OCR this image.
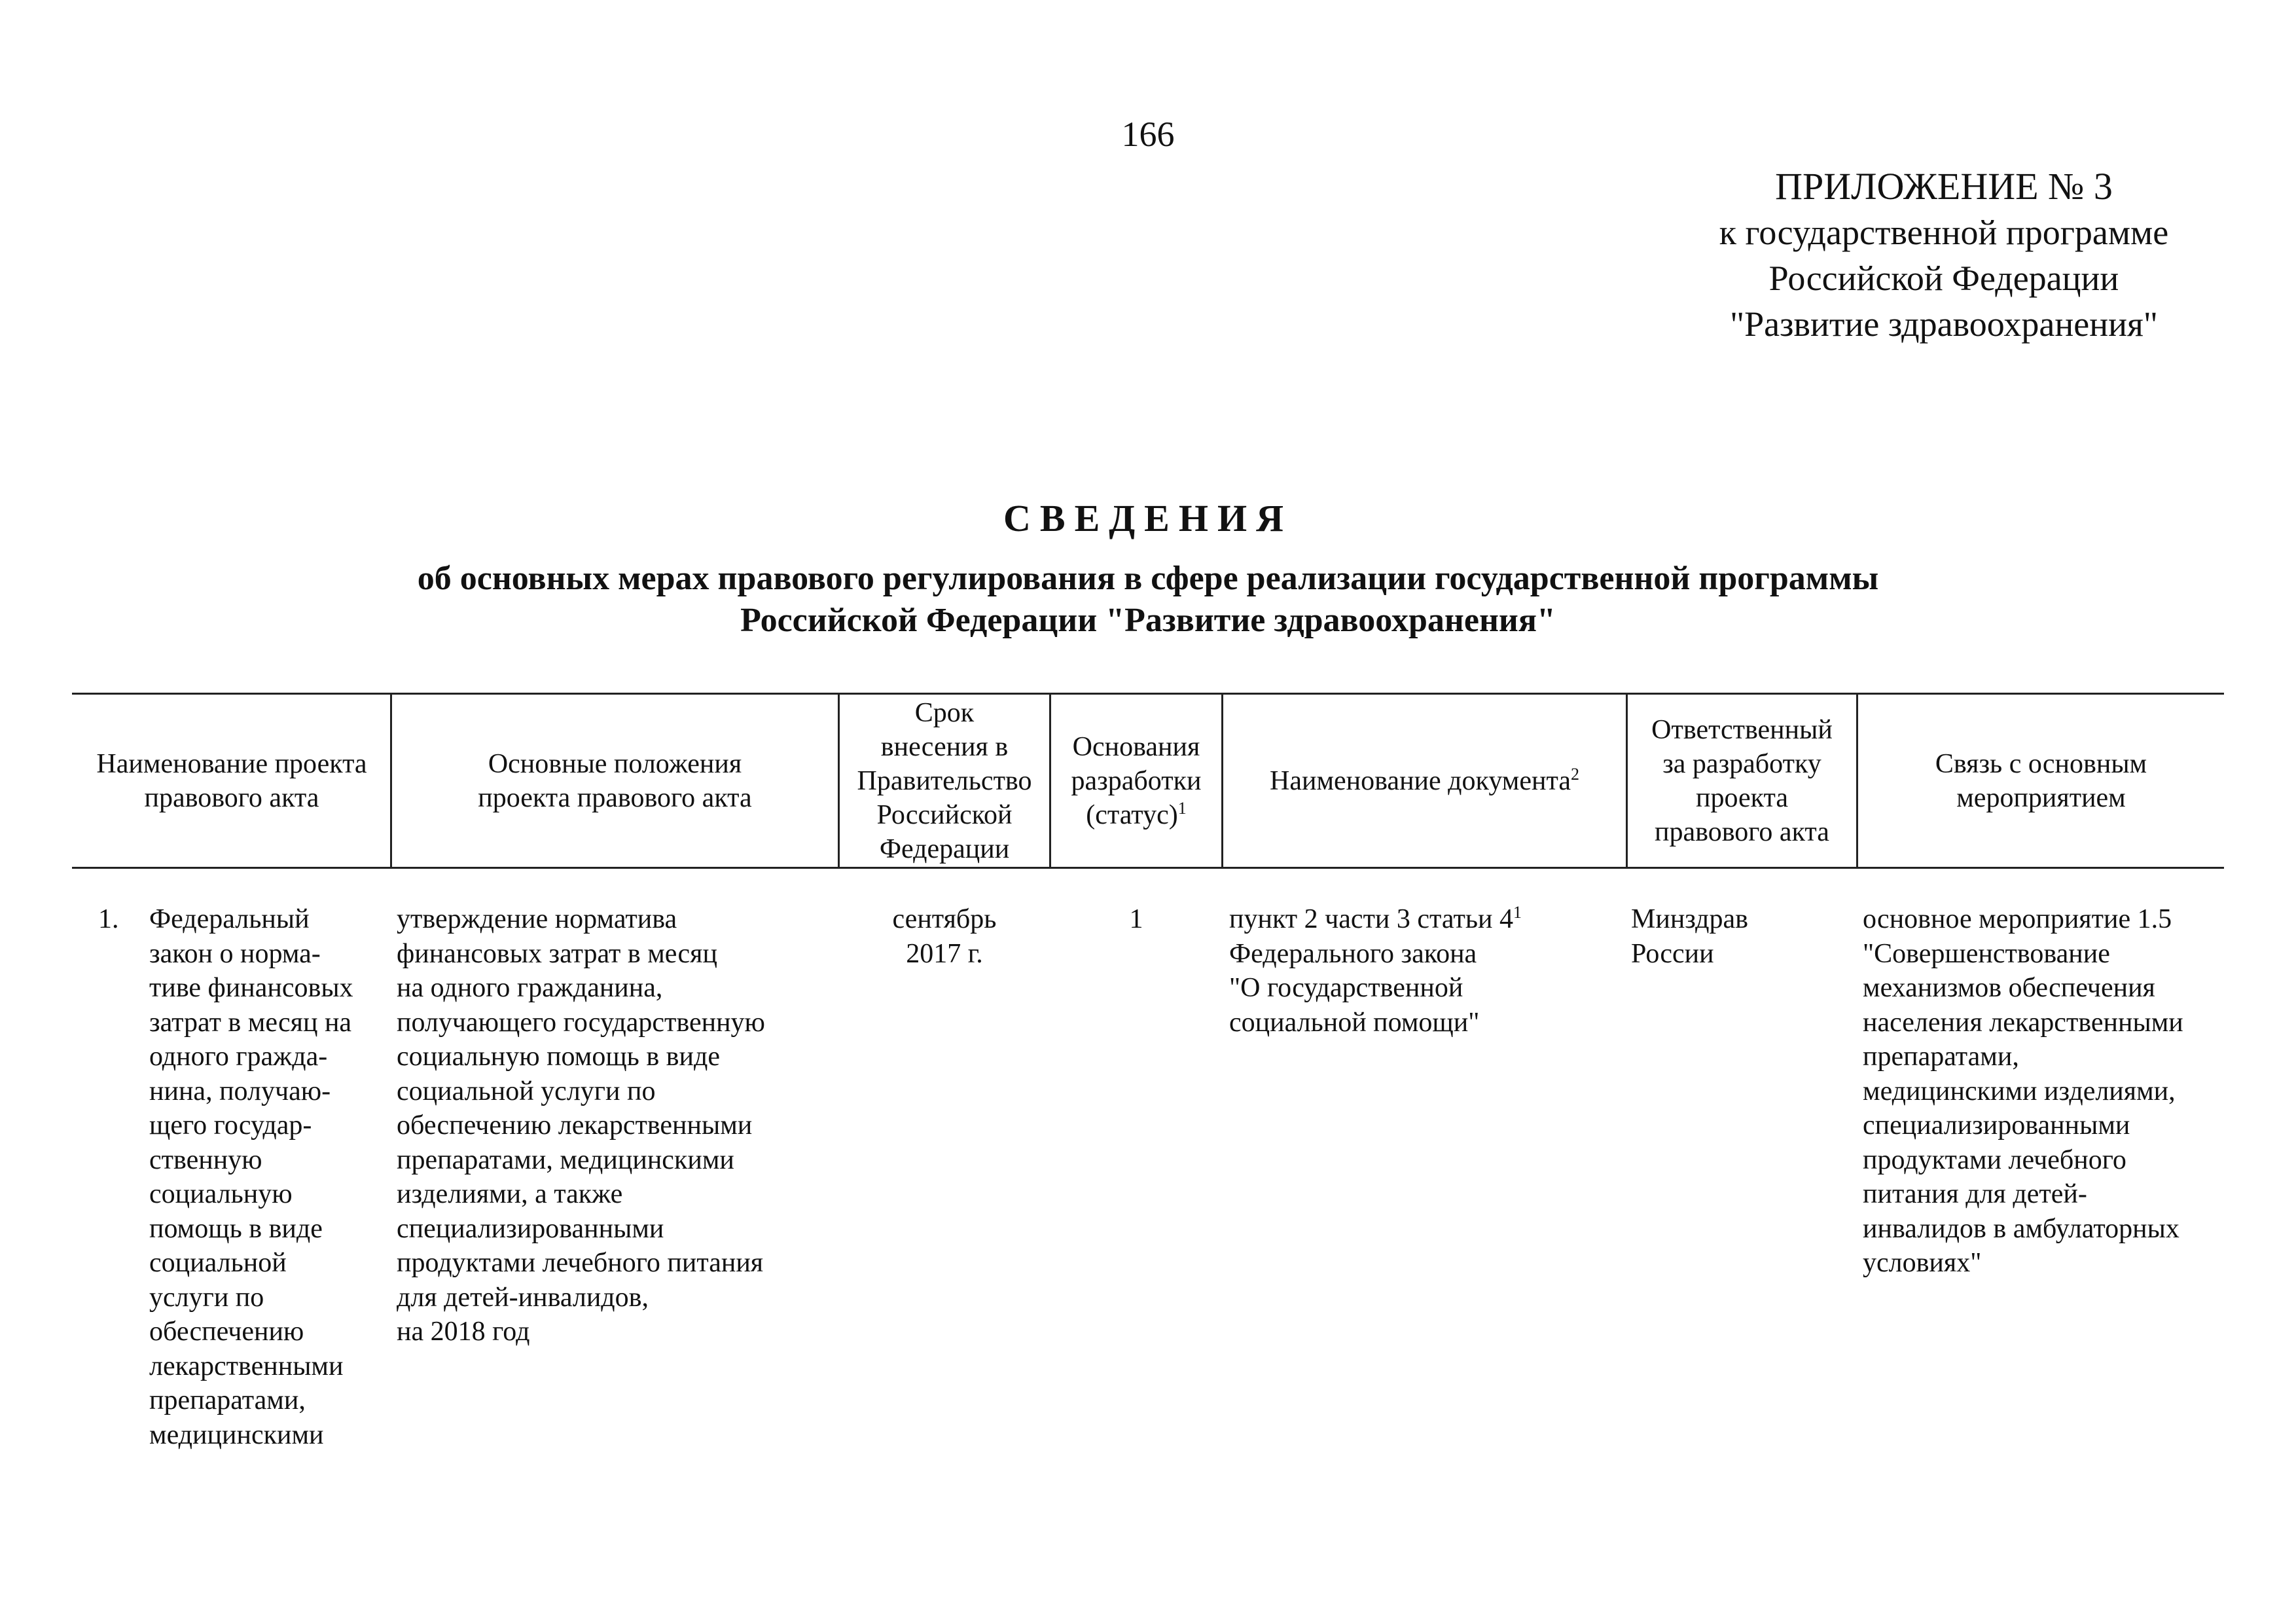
166
ПРИЛОЖЕНИЕ № 3
к государственной программе
Российской Федерации
"Развитие здравоохранения"
СВЕДЕНИЯ
об основных мерах правового регулирования в сфере реализации государственной программы
Российской Федерации "Развитие здравоохранения"
Наименование проекта
правового акта
Основные положения
проекта правового акта
Срок
внесения в
Правительство
Российской
Федерации
Основания
разработки
(статус)$^1$
Наименование документа$^2$
Ответственный
за разработку
проекта
правового акта
Связь с основным
мероприятием
1. Федеральный
закон о норма-
тиве финансовых
затрат в месяц на
одного гражда-
нина, получаю-
щего государ-
ственную
социальную
помощь в виде
социальной
услуги по
обеспечению
лекарственными
препаратами,
медицинскими
утверждение норматива
финансовых затрат в месяц
на одного гражданина,
получающего государственную
социальную помощь в виде
социальной услуги по
обеспечению лекарственными
препаратами, медицинскими
изделиями, а также
специализированными
продуктами лечебного питания
для детей-инвалидов,
на 2018 год
сентябрь
2017 г.
1	пункт 2 части 3 статьи $4^1$
Федерального закона
"О государственной
социальной помощи"
Минздрав
России
основное мероприятие 1.5
"Совершенствование
механизмов обеспечения
населения лекарственными
препаратами,
медицинскими изделиями,
специализированными
продуктами лечебного
питания для детей-
инвалидов в амбулаторных
условиях"
